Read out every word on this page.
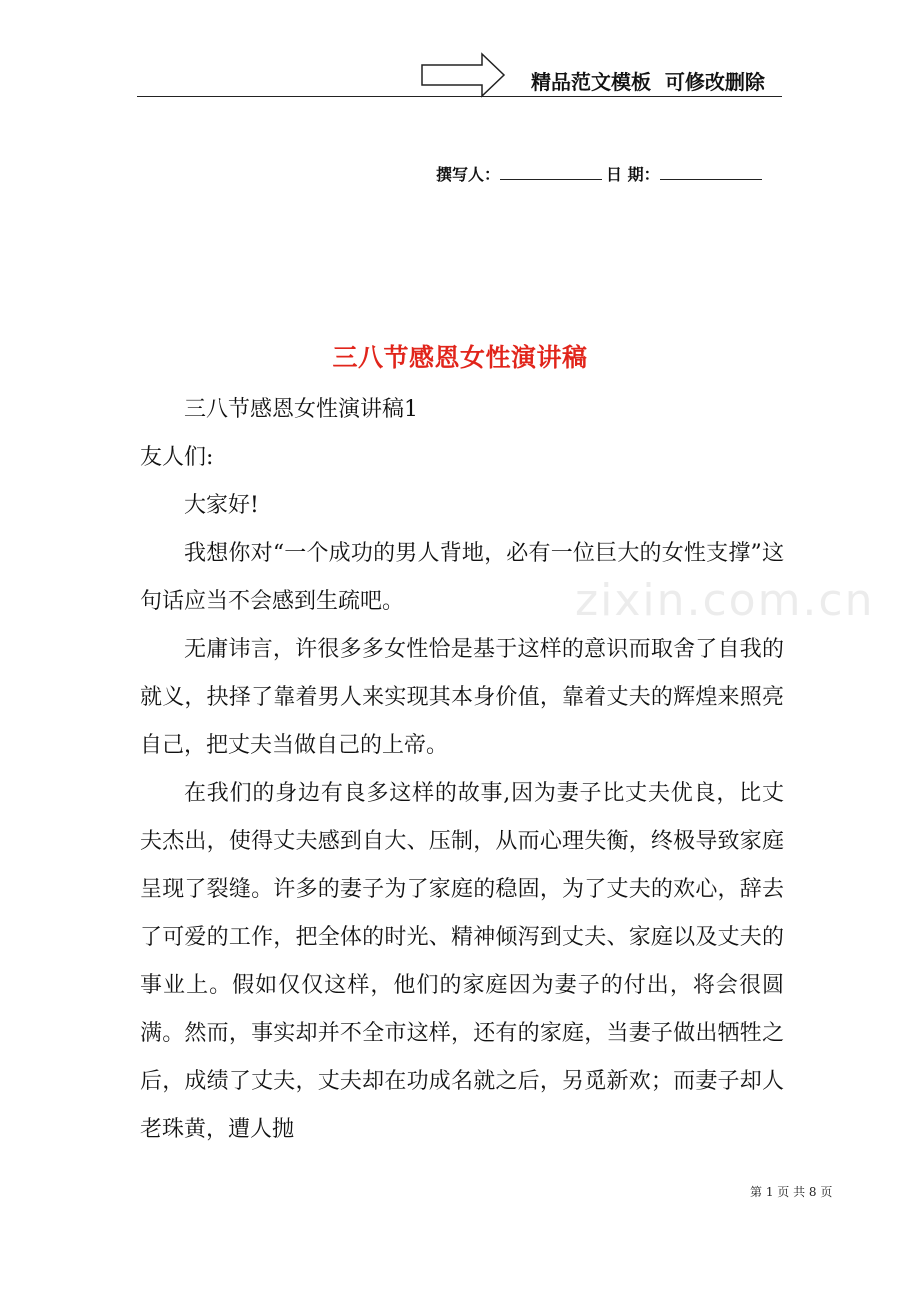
精品范文模板  可修改删除
撰写人：	日 期：
三八节感恩女性演讲稿

三八节感恩女性演讲稿1

友人们:

大家好!

我想你对“一个成功的男人背地，必有一位巨大的女性支撑”这句话应当不会感到生疏吧。

无庸讳言，许很多多女性恰是基于这样的意识而取舍了自我的就义，抉择了靠着男人来实现其本身价值，靠着丈夫的辉煌来照亮自己，把丈夫当做自己的上帝。

在我们的身边有良多这样的故事,因为妻子比丈夫优良，比丈夫杰出，使得丈夫感到自大、压制，从而心理失衡，终极导致家庭呈现了裂缝。许多的妻子为了家庭的稳固，为了丈夫的欢心，辞去了可爱的工作，把全体的时光、精神倾泻到丈夫、家庭以及丈夫的事业上。假如仅仅这样，他们的家庭因为妻子的付出，将会很圆满。然而，事实却并不全市这样，还有的家庭，当妻子做出牺牲之后，成绩了丈夫，丈夫却在功成名就之后，另觅新欢；而妻子却人老珠黄，遭人抛

zixin.com.cn
第 1 页 共 8 页
